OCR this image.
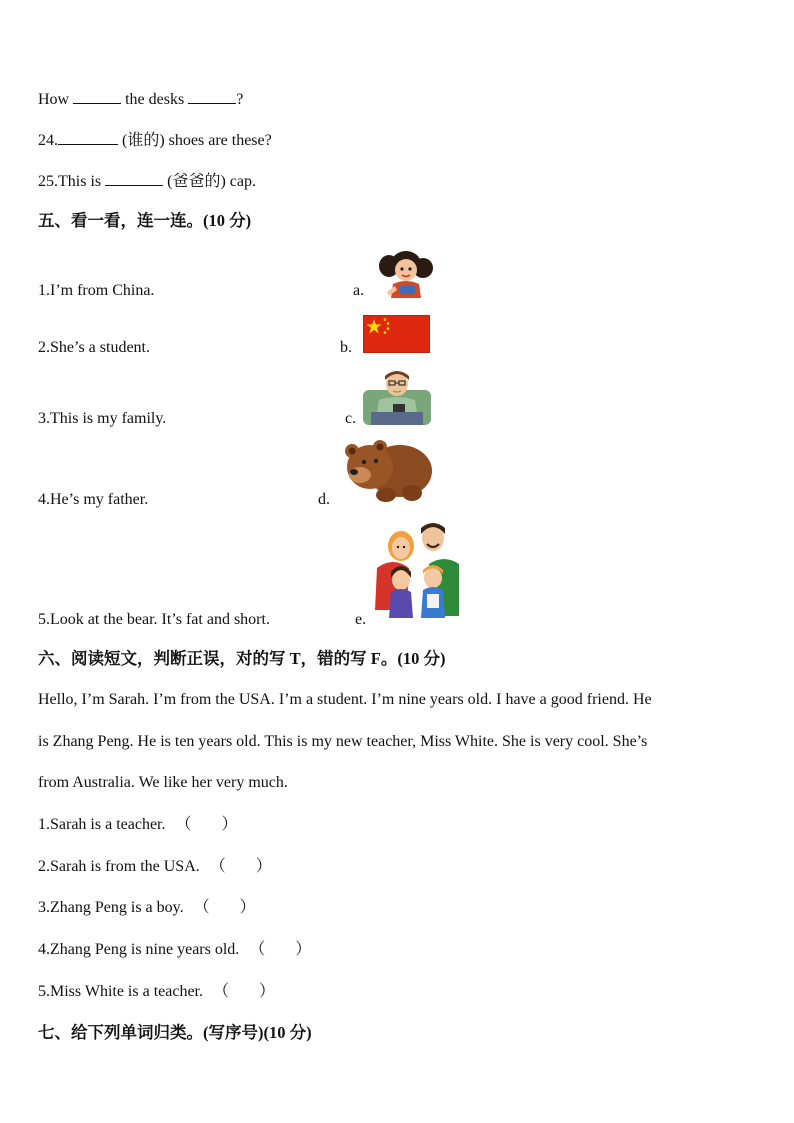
How	the desks	?
24.	(谁的) shoes are these?
25.This is	(爸爸的) cap.
五、看一看，连一连。(10 分)
1.I’m from China.	a.
2.She’s a student.	b.
3.This is my family.	c.
4.He’s my father.	d.
5.Look at the bear. It’s fat and short.	e.
六、阅读短文，判断正误，对的写 T，错的写 F。(10 分)
Hello, I’m Sarah. I’m from the USA. I’m a student. I’m nine years old. I have a good friend. He
is Zhang Peng. He is ten years old. This is my new teacher, Miss White. She is very cool. She’s
from Australia. We like her very much.
1.Sarah is a teacher. （ ）

2.Sarah is from the USA. （ ）

3.Zhang Peng is a boy. （ ）

4.Zhang Peng is nine years old. （ ）

5.Miss White is a teacher. （ ）

七、给下列单词归类。(写序号)(10 分)
